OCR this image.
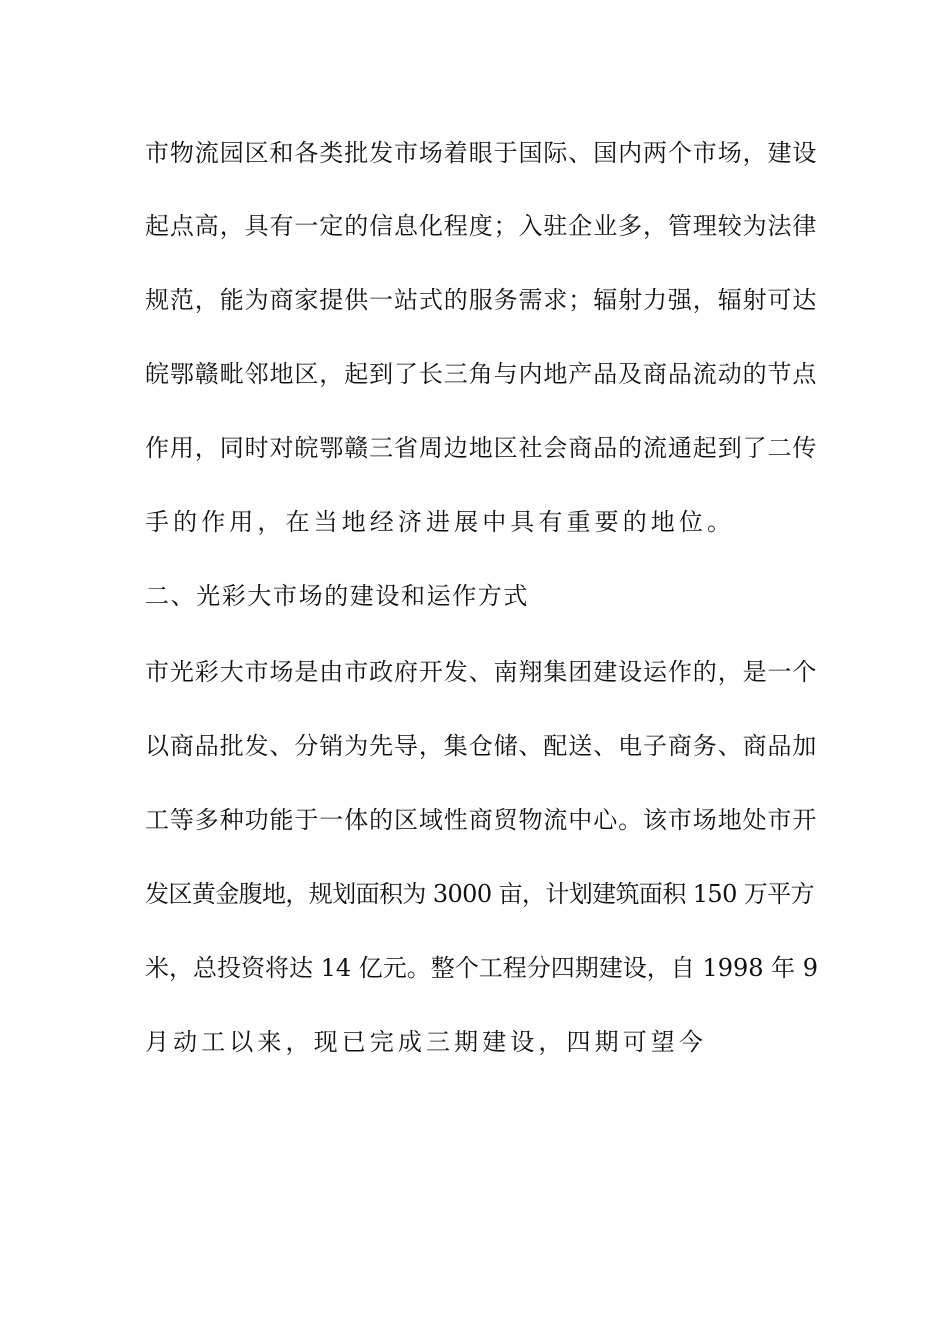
市物流园区和各类批发市场着眼于国际、国内两个市场，建设

起点高，具有一定的信息化程度；入驻企业多，管理较为法律

规范，能为商家提供一站式的服务需求；辐射力强，辐射可达

皖鄂赣毗邻地区，起到了长三角与内地产品及商品流动的节点

作用，同时对皖鄂赣三省周边地区社会商品的流通起到了二传

手的作用，在当地经济进展中具有重要的地位。

二、光彩大市场的建设和运作方式

市光彩大市场是由市政府开发、南翔集团建设运作的，是一个

以商品批发、分销为先导，集仓储、配送、电子商务、商品加

工等多种功能于一体的区域性商贸物流中心。该市场地处市开

发区黄金腹地，规划面积为 3000 亩，计划建筑面积 150 万平方

米，总投资将达 14 亿元。整个工程分四期建设，自 1998 年 9

月动工以来，现已完成三期建设，四期可望今
